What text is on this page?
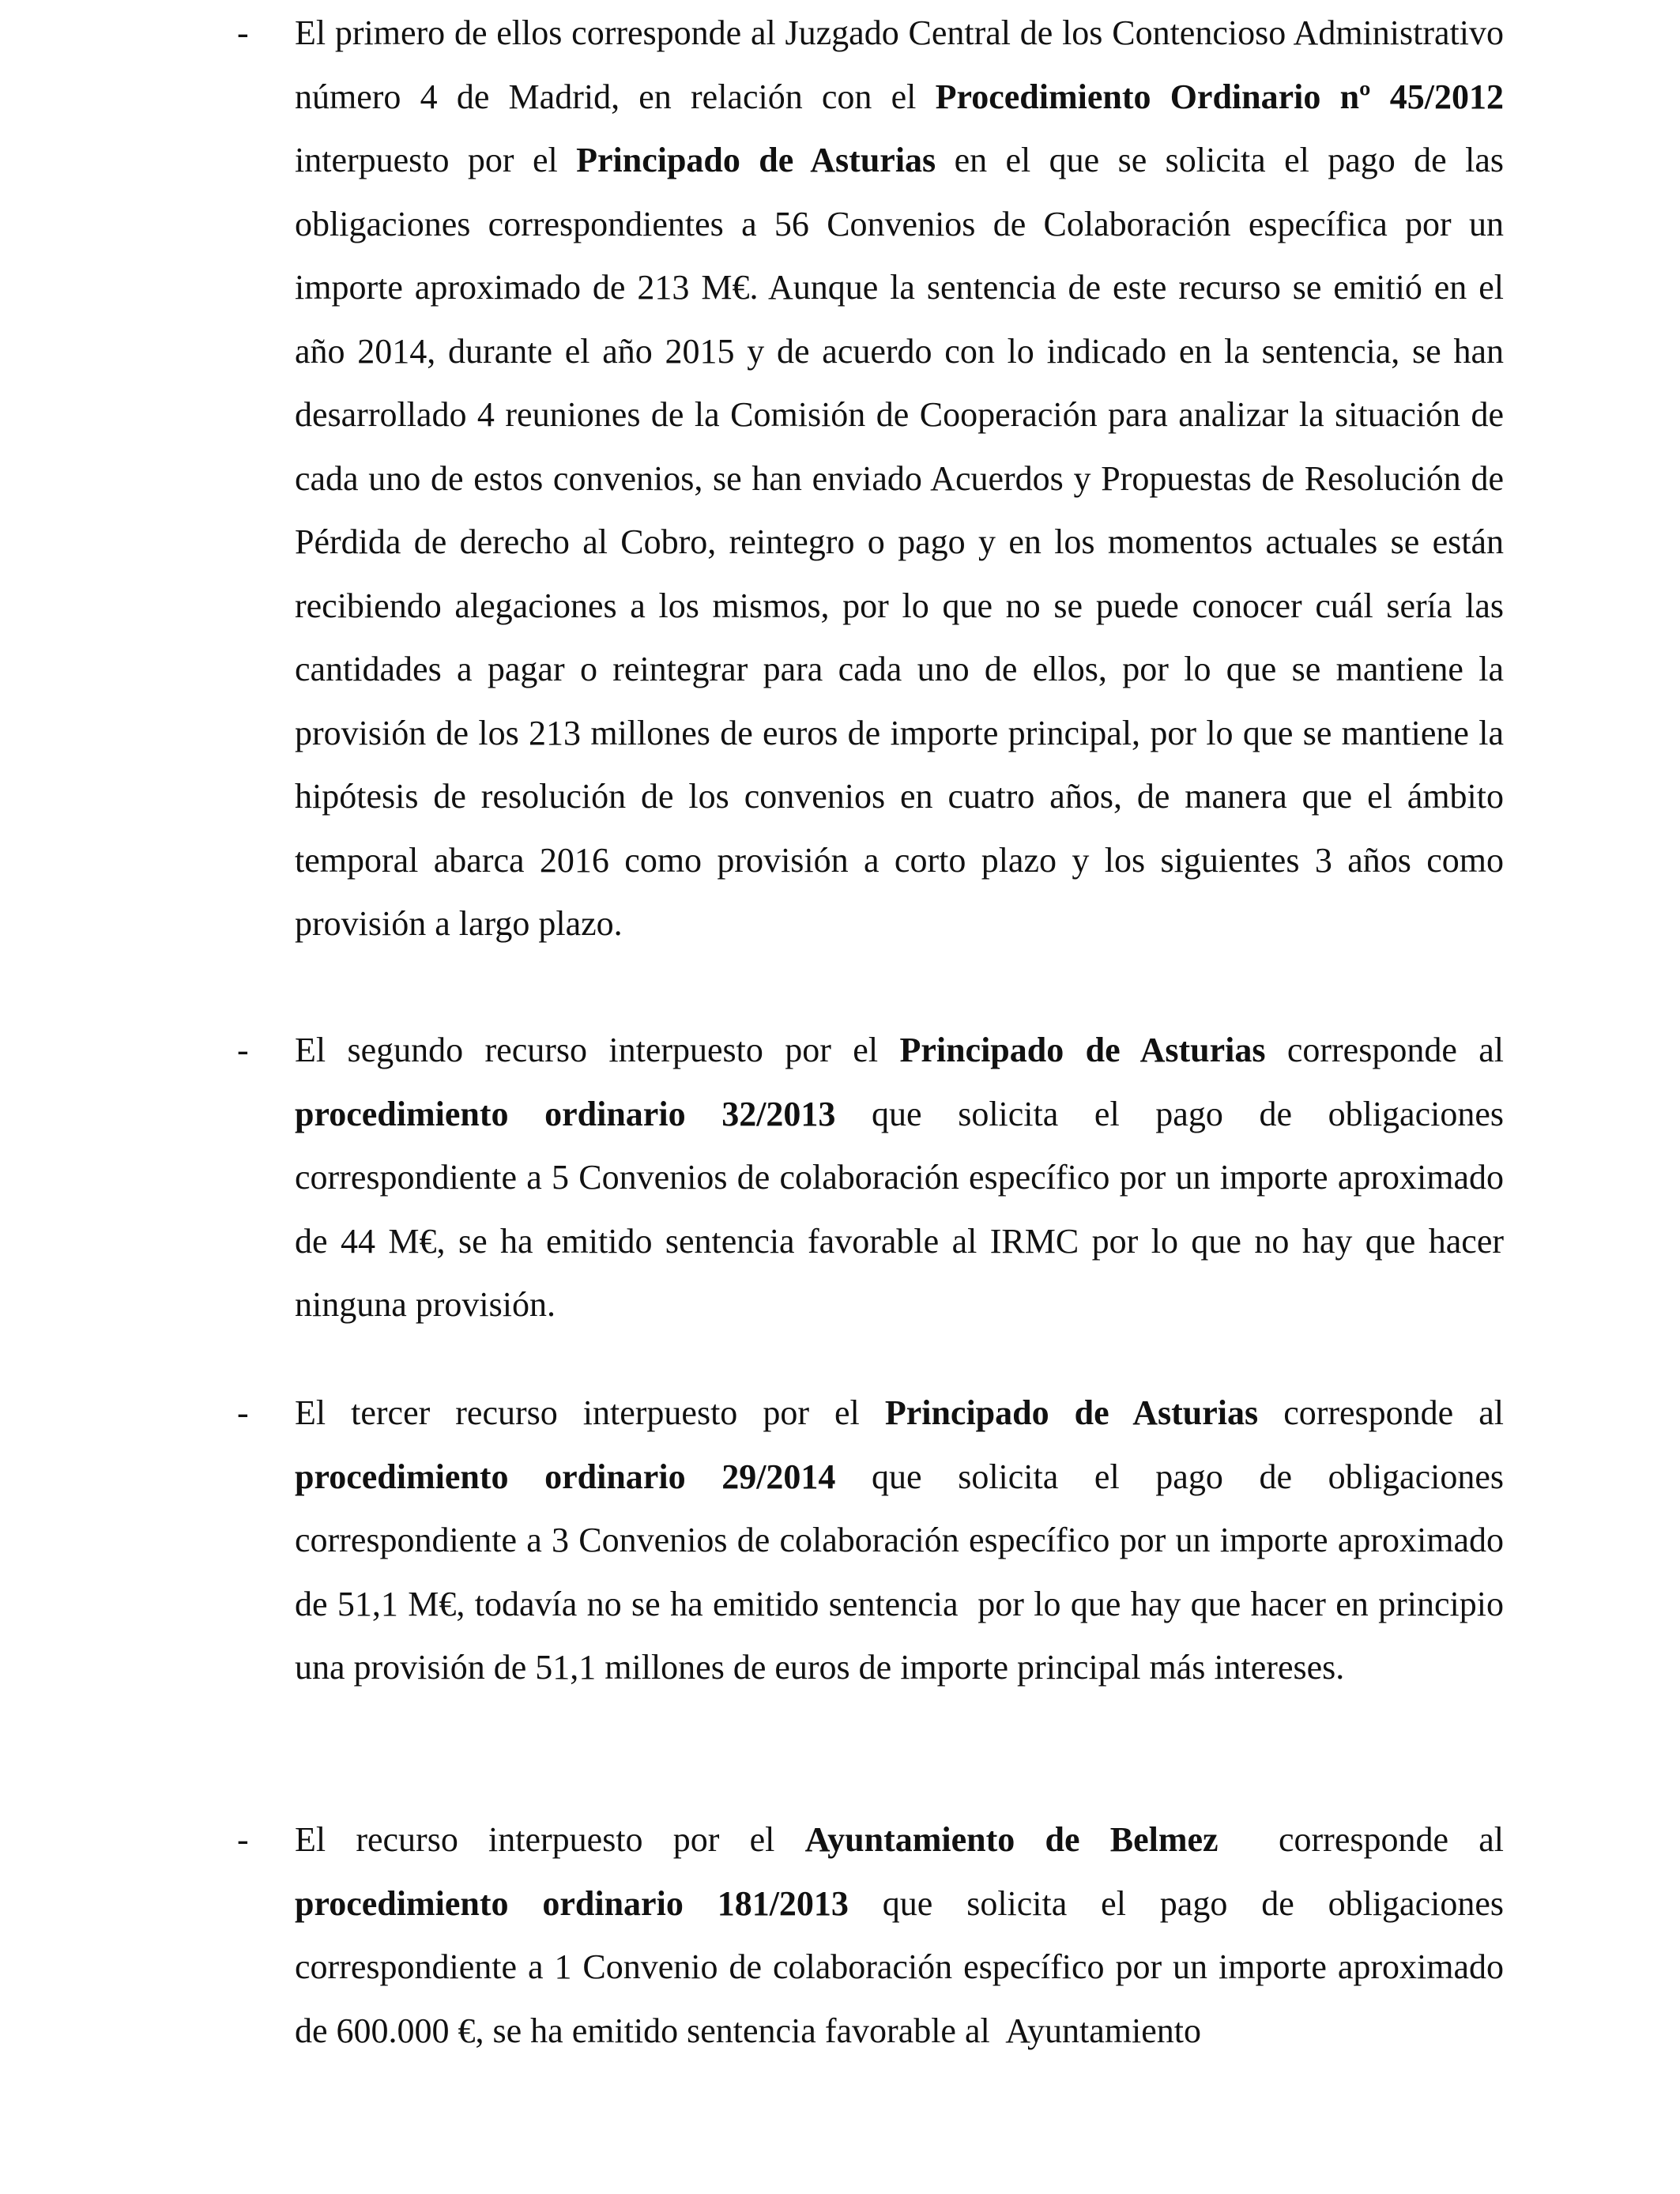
- El primero de ellos corresponde al Juzgado Central de los Contencioso Administrativo número 4 de Madrid, en relación con el Procedimiento Ordinario nº 45/2012 interpuesto por el Principado de Asturias en el que se solicita el pago de las obligaciones correspondientes a 56 Convenios de Colaboración específica por un importe aproximado de 213 M€. Aunque la sentencia de este recurso se emitió en el año 2014, durante el año 2015 y de acuerdo con lo indicado en la sentencia, se han desarrollado 4 reuniones de la Comisión de Cooperación para analizar la situación de cada uno de estos convenios, se han enviado Acuerdos y Propuestas de Resolución de Pérdida de derecho al Cobro, reintegro o pago y en los momentos actuales se están recibiendo alegaciones a los mismos, por lo que no se puede conocer cuál sería las cantidades a pagar o reintegrar para cada uno de ellos, por lo que se mantiene la provisión de los 213 millones de euros de importe principal, por lo que se mantiene la hipótesis de resolución de los convenios en cuatro años, de manera que el ámbito temporal abarca 2016 como provisión a corto plazo y los siguientes 3 años como provisión a largo plazo.

- El segundo recurso interpuesto por el Principado de Asturias corresponde al procedimiento ordinario 32/2013 que solicita el pago de obligaciones correspondiente a 5 Convenios de colaboración específico por un importe aproximado de 44 M€, se ha emitido sentencia favorable al IRMC por lo que no hay que hacer ninguna provisión.

- El tercer recurso interpuesto por el Principado de Asturias corresponde al procedimiento ordinario 29/2014 que solicita el pago de obligaciones correspondiente a 3 Convenios de colaboración específico por un importe aproximado de 51,1 M€, todavía no se ha emitido sentencia  por lo que hay que hacer en principio una provisión de 51,1 millones de euros de importe principal más intereses.

- El recurso interpuesto por el Ayuntamiento de Belmez  corresponde al procedimiento ordinario 181/2013 que solicita el pago de obligaciones correspondiente a 1 Convenio de colaboración específico por un importe aproximado de 600.000 €, se ha emitido sentencia favorable al  Ayuntamiento
